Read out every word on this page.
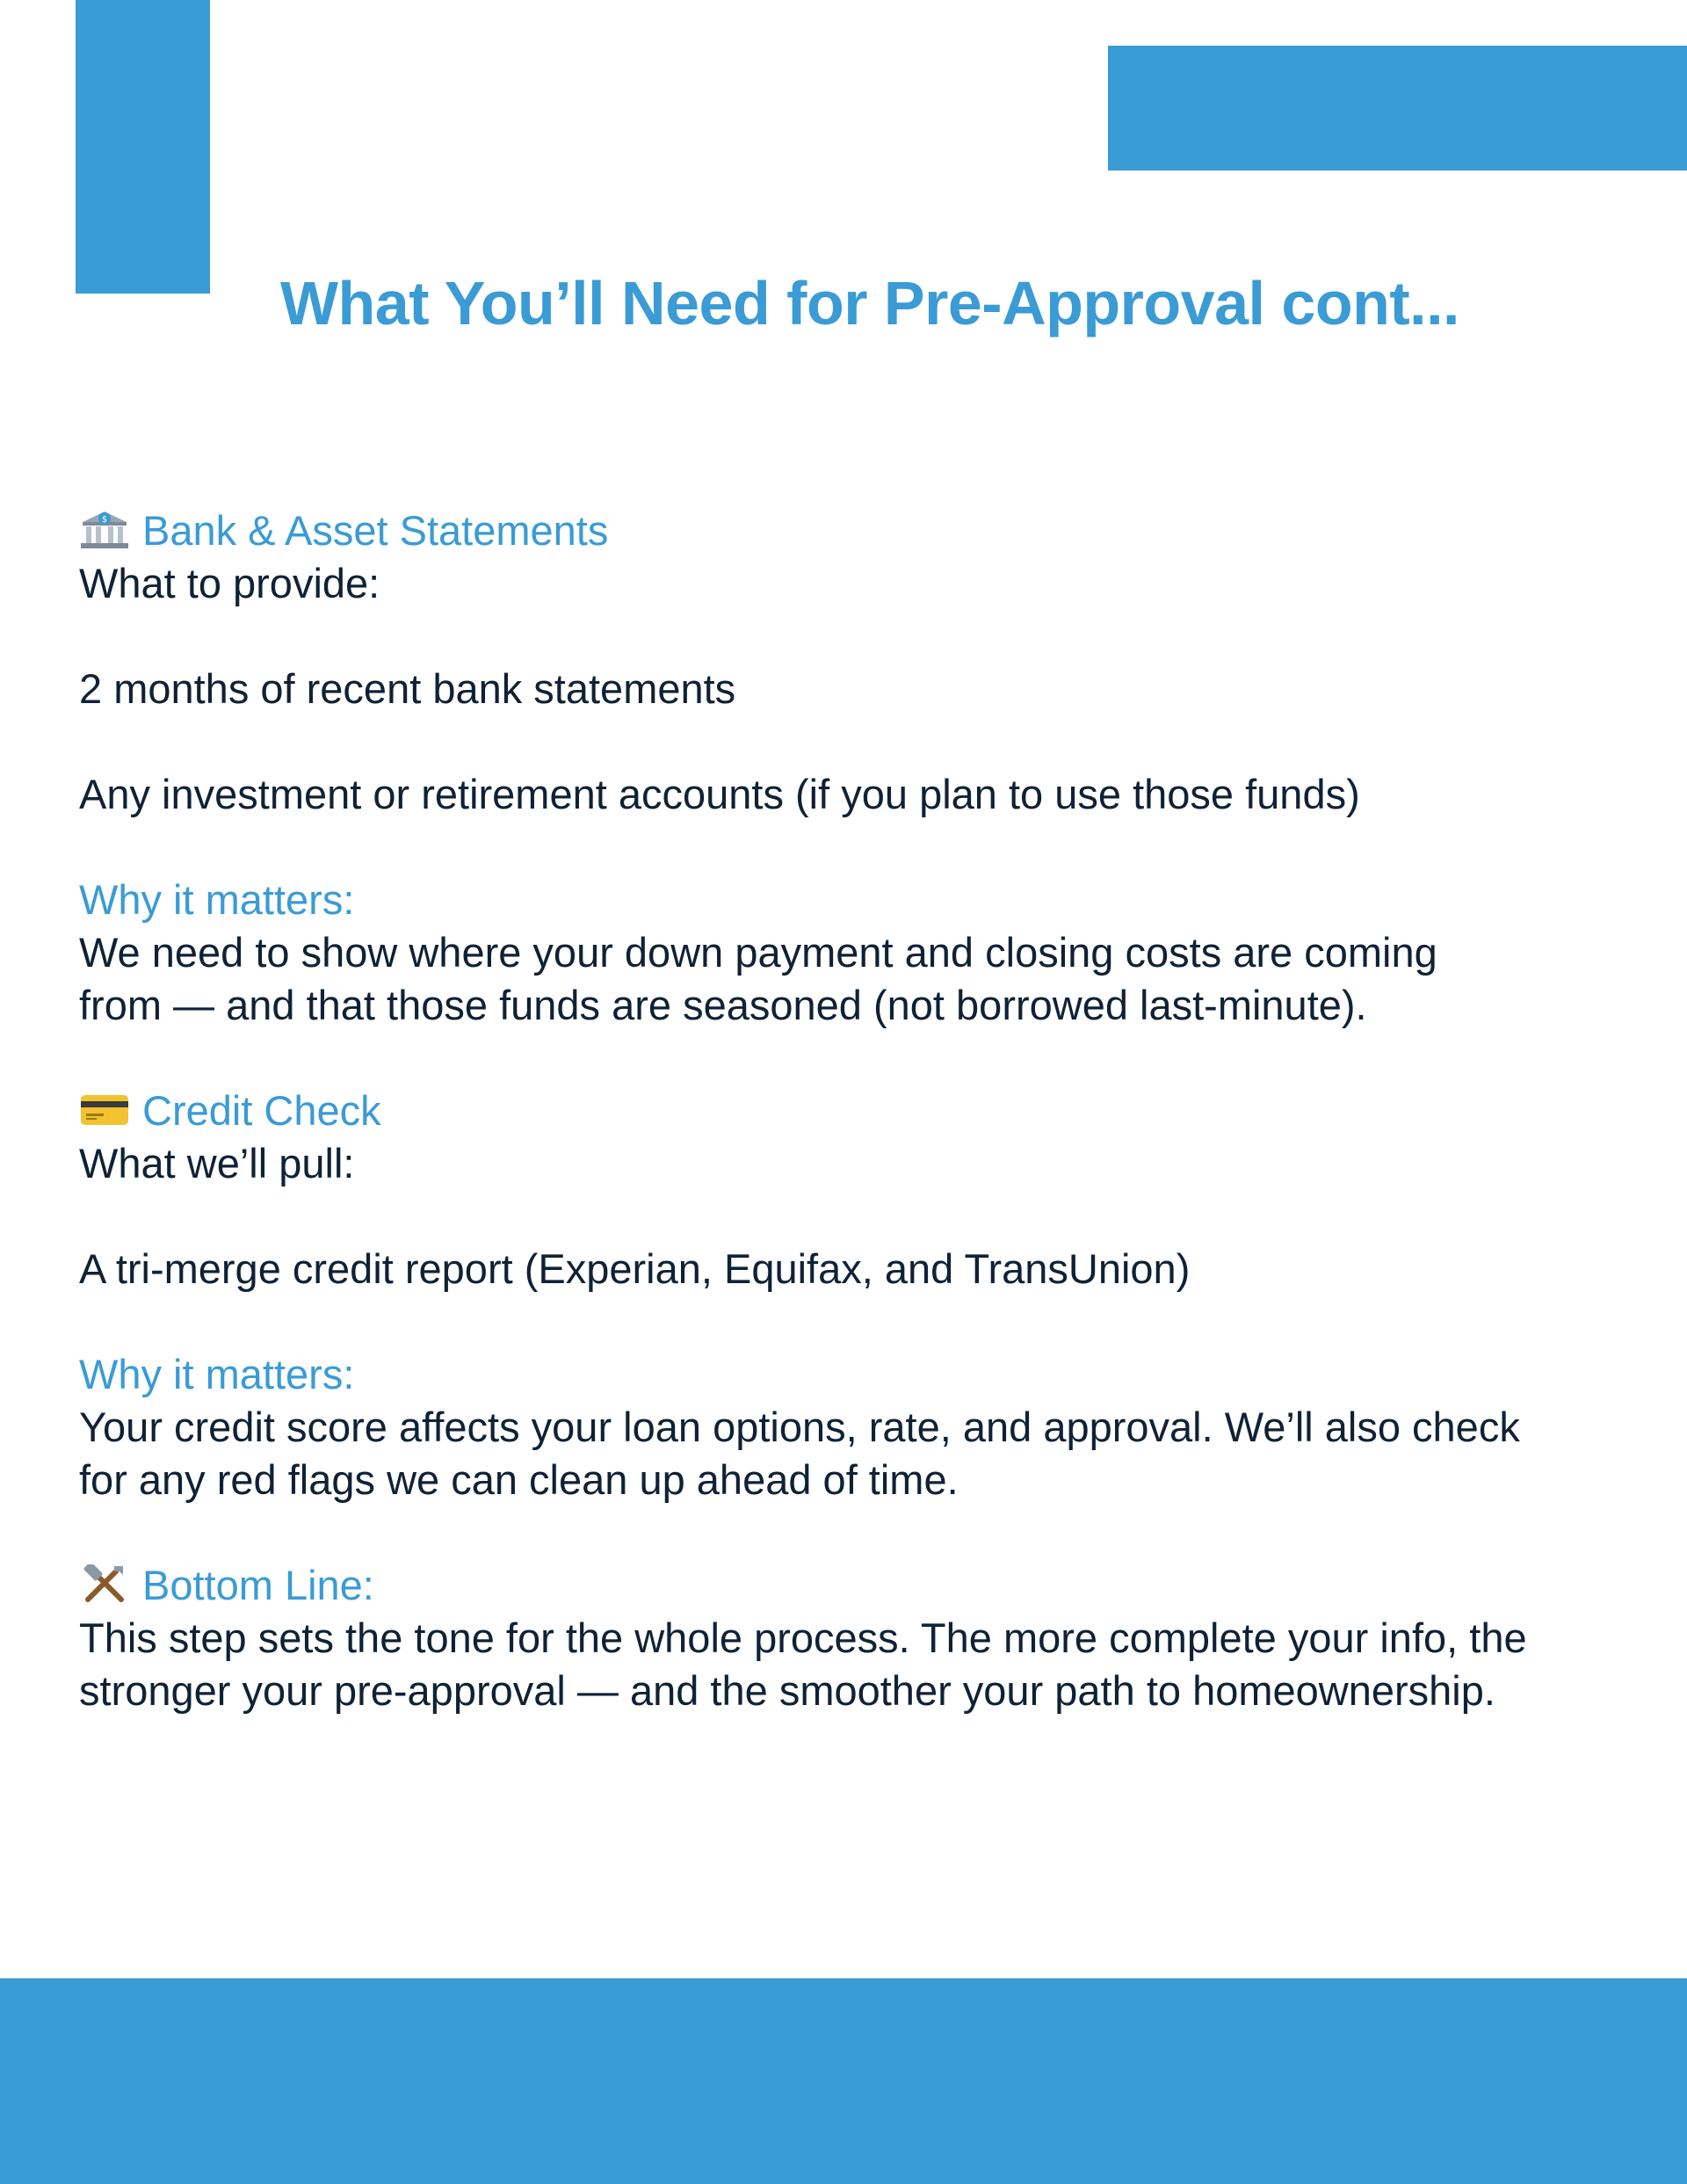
What You’ll Need for Pre-Approval cont...

$ Bank & Asset Statements

What to provide:

2 months of recent bank statements

Any investment or retirement accounts (if you plan to use those funds)

Why it matters:

We need to show where your down payment and closing costs are coming

from — and that those funds are seasoned (not borrowed last-minute).

Credit Check

What we’ll pull:

A tri-merge credit report (Experian, Equifax, and TransUnion)

Why it matters:

Your credit score affects your loan options, rate, and approval. We’ll also check

for any red flags we can clean up ahead of time.

Bottom Line:

This step sets the tone for the whole process. The more complete your info, the

stronger your pre-approval — and the smoother your path to homeownership.
